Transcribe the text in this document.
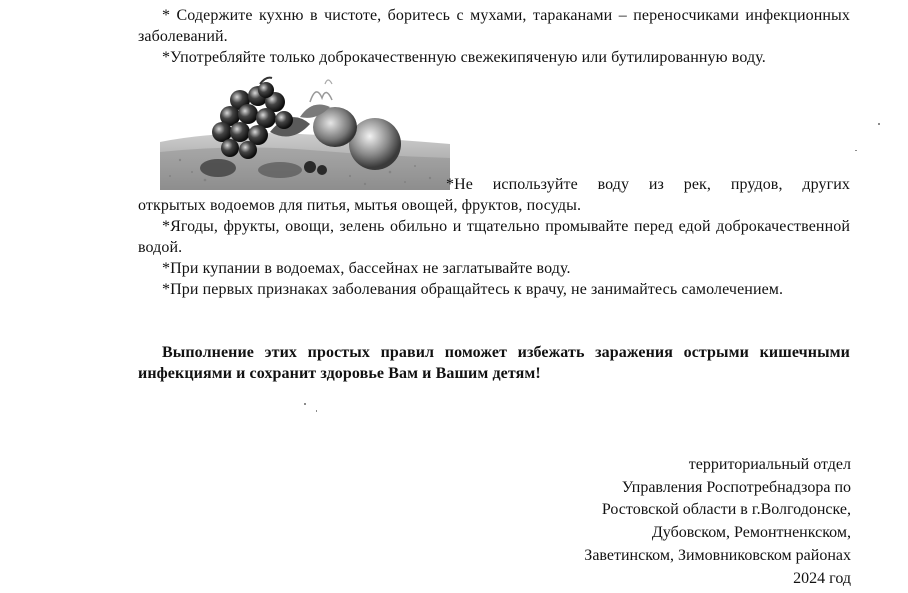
* Содержите кухню в чистоте, боритесь с мухами, тараканами – переносчиками инфекционных заболеваний.

*Употребляйте только доброкачественную свежекипяченую или бутилированную воду.

*Не используйте воду из рек, прудов, других

открытых водоемов для питья, мытья овощей, фруктов, посуды.

*Ягоды, фрукты, овощи, зелень обильно и тщательно промывайте перед едой доброкачественной водой.

*При купании в водоемах, бассейнах не заглатывайте воду.

*При первых признаках заболевания обращайтесь к врачу, не занимайтесь самолечением.

Выполнение этих простых правил поможет избежать заражения острыми кишечными инфекциями и сохранит здоровье Вам и Вашим детям!

территориальный отдел
Управления Роспотребнадзора по
Ростовской области в г.Волгодонске,
Дубовском, Ремонтненкском,
Заветинском, Зимовниковском районах
2024 год
